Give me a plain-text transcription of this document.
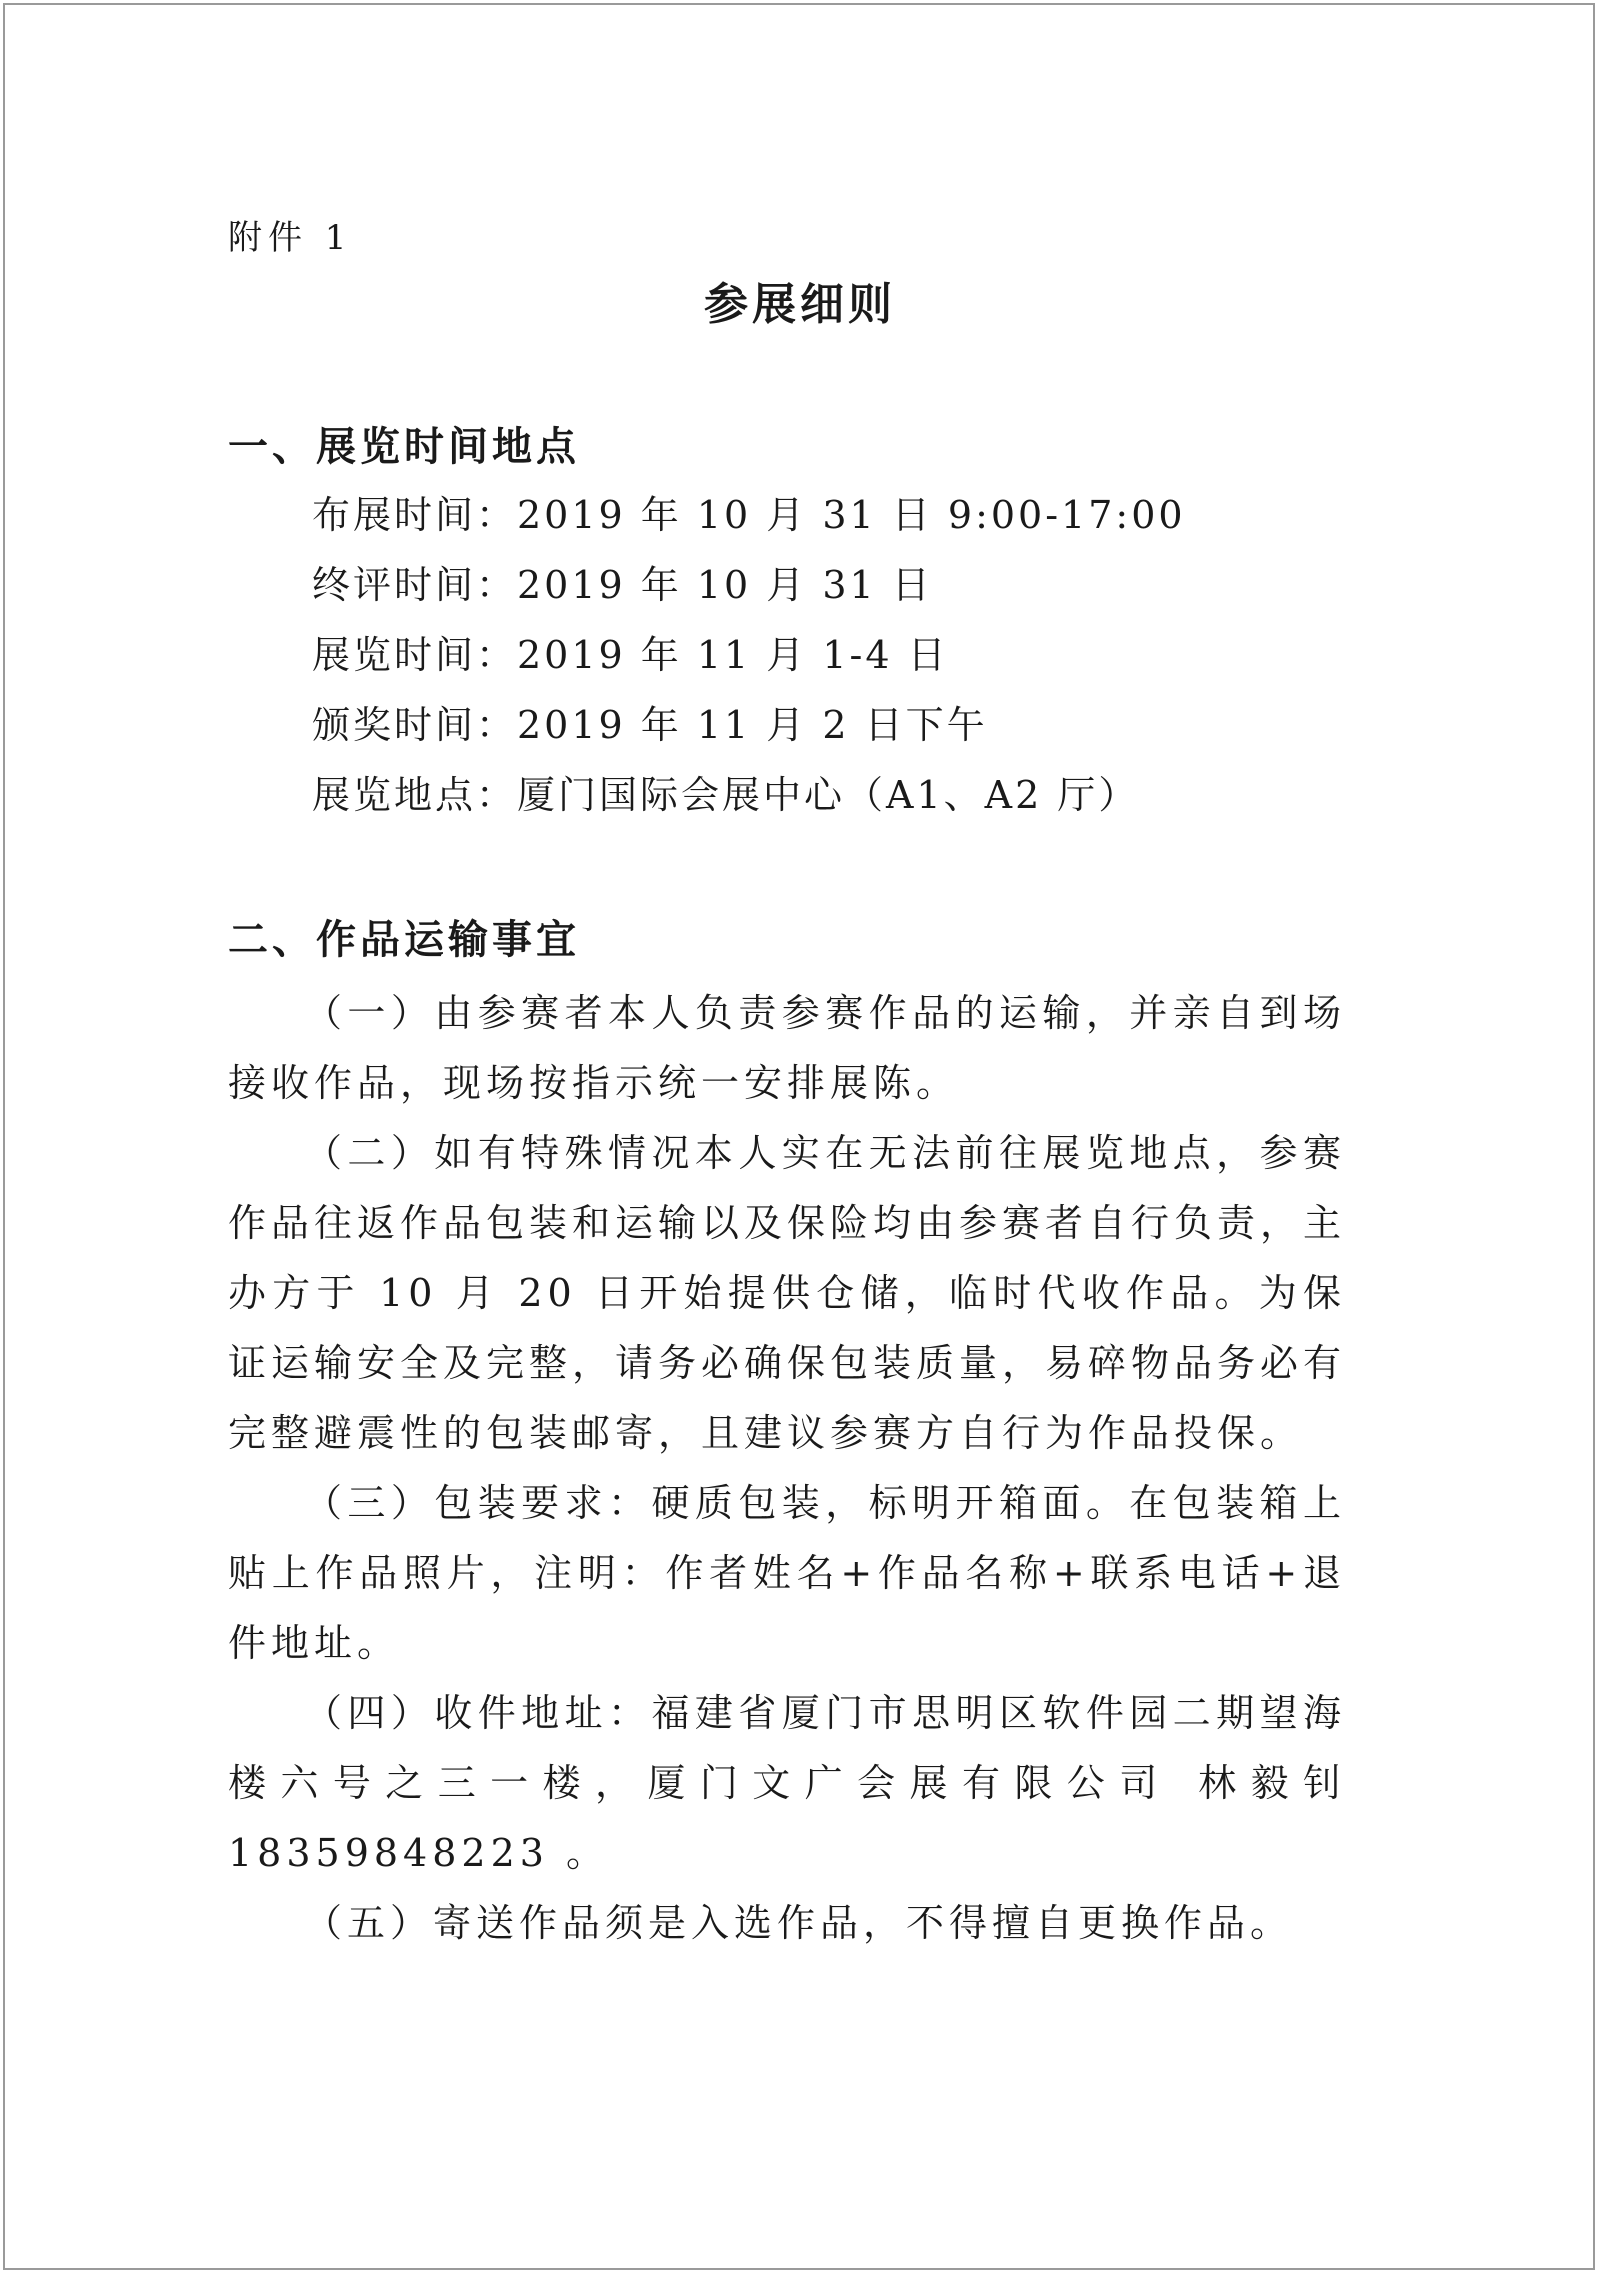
附件 1
参展细则
一、展览时间地点
布展时间：2019 年 10 月 31 日 9:00-17:00
终评时间：2019 年 10 月 31 日
展览时间：2019 年 11 月 1-4 日
颁奖时间：2019 年 11 月 2 日下午
展览地点：厦门国际会展中心（A1、A2 厅）
二、作品运输事宜

（一）由参赛者本人负责参赛作品的运输，并亲自到场接收作品，现场按指示统一安排展陈。

（二）如有特殊情况本人实在无法前往展览地点，参赛作品往返作品包装和运输以及保险均由参赛者自行负责，主办方于 10 月 20 日开始提供仓储，临时代收作品。为保证运输安全及完整，请务必确保包装质量，易碎物品务必有完整避震性的包装邮寄，且建议参赛方自行为作品投保。

（三）包装要求：硬质包装，标明开箱面。在包装箱上贴上作品照片，注明：作者姓名+作品名称+联系电话+退件地址。

（四）收件地址：福建省厦门市思明区软件园二期望海楼六号之三一楼，厦门文广会展有限公司 林毅钊 18359848223 。

（五）寄送作品须是入选作品，不得擅自更换作品。
